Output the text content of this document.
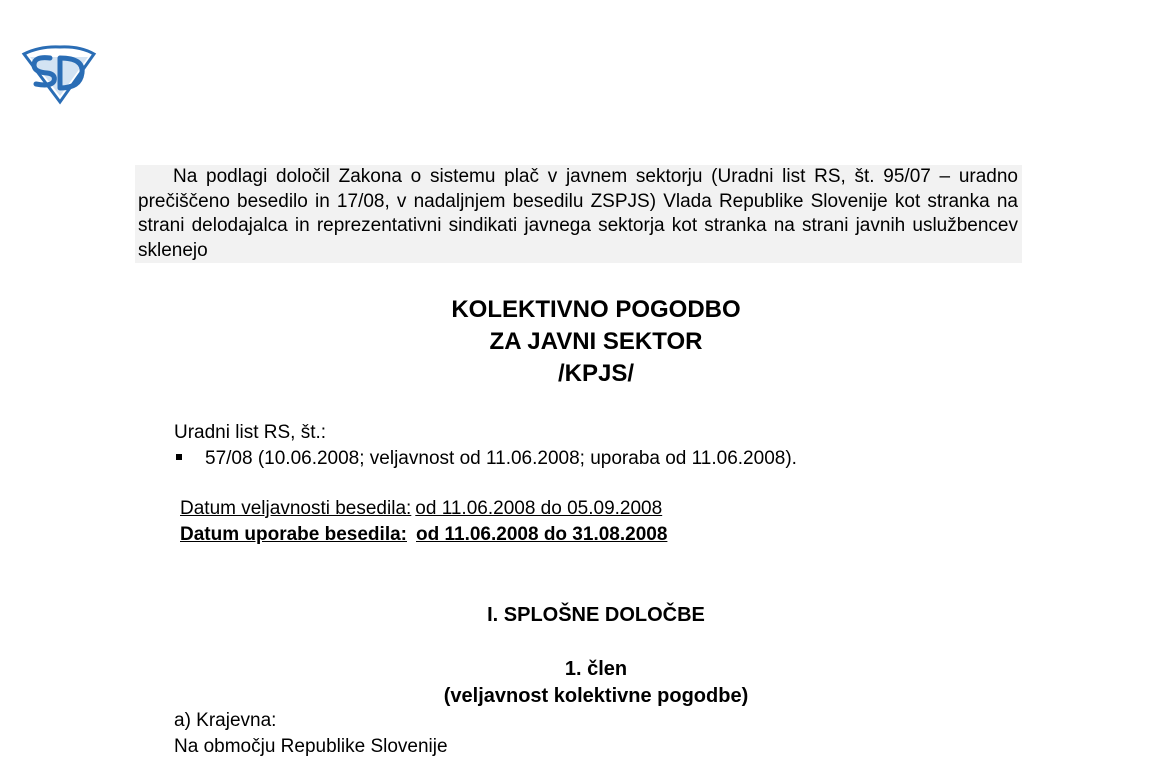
Na podlagi določil Zakona o sistemu plač v javnem sektorju (Uradni list RS, št. 95/07 – uradno prečiščeno besedilo in 17/08, v nadaljnjem besedilu ZSPJS) Vlada Republike Slovenije kot stranka na strani delodajalca in reprezentativni sindikati javnega sektorja kot stranka na strani javnih uslužbencev sklenejo

KOLEKTIVNO POGODBO
ZA JAVNI SEKTOR
/KPJS/
Uradni list RS, št.:
57/08 (10.06.2008; veljavnost od 11.06.2008; uporaba od 11.06.2008).
Datum veljavnosti besedila: od 11.06.2008 do 05.09.2008
Datum uporabe besedila: od 11.06.2008 do 31.08.2008
I. SPLOŠNE DOLOČBE
1. člen
(veljavnost kolektivne pogodbe)
a) Krajevna:
Na območju Republike Slovenije
